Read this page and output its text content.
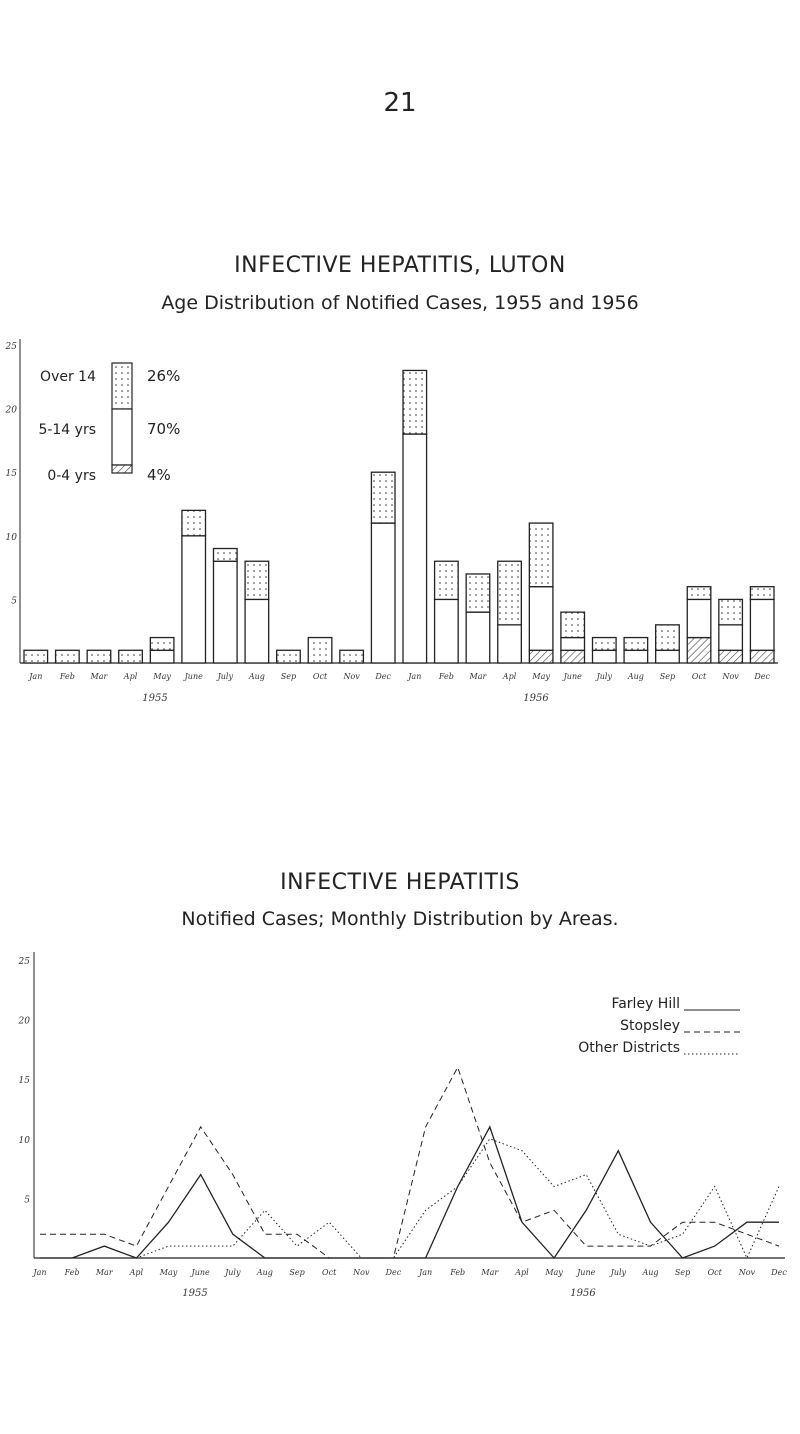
21
INFECTIVE HEPATITIS, LUTON
Age Distribution of Notified Cases, 1955 and 1956
25
20
15
10
5
Over 14	26%
5-14 yrs	70%
0-4 yrs	4%
Jan Feb Mar Apl May June July Aug Sep Oct Nov Dec Jan Feb Mar Apl May June July Aug Sep Oct Nov Dec
1955	1956
INFECTIVE HEPATITIS
Notified Cases; Monthly Distribution by Areas.
25
20
15
10
5
Farley Hill
Stopsley
Other Districts
Jan Feb Mar Apl May June July Aug Sep Oct Nov Dec Jan Feb Mar Apl May June July Aug Sep Oct Nov Dec
1955	1956
